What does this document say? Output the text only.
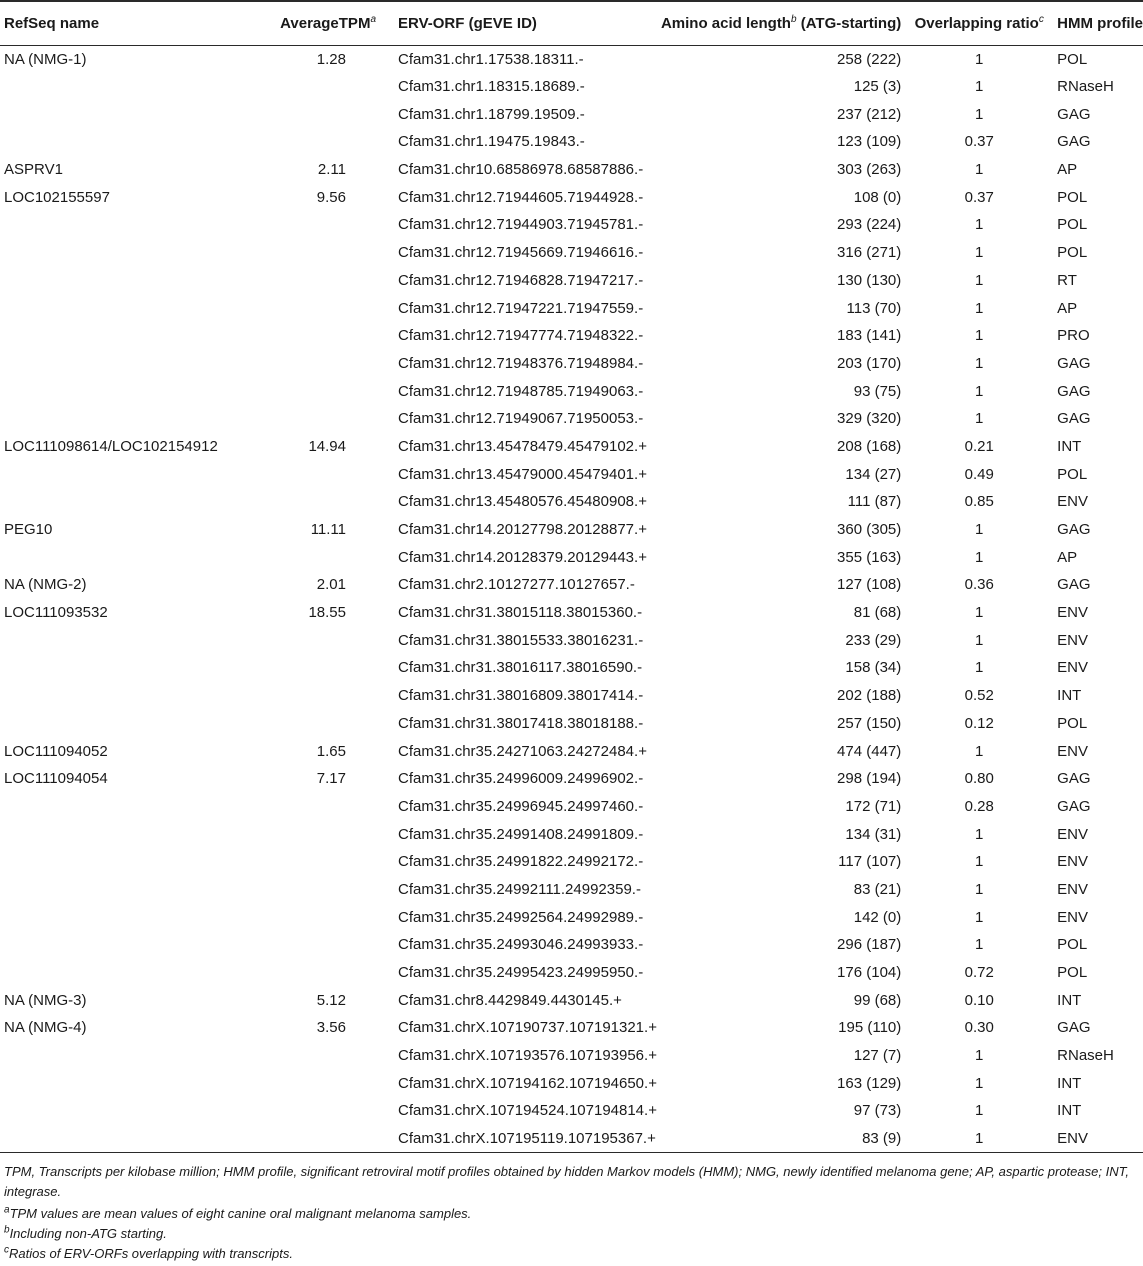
RefSeq name	AverageTPM$^a$	ERV-ORF (gEVE ID)	Amino acid length$^b$ (ATG-starting)	Overlapping ratio$^c$	HMM profile
NA (NMG-1)	1.28	Cfam31.chr1.17538.18311.-	258 (222)	1	POL
		Cfam31.chr1.18315.18689.-	125 (3)	1	RNaseH
		Cfam31.chr1.18799.19509.-	237 (212)	1	GAG
		Cfam31.chr1.19475.19843.-	123 (109)	0.37	GAG
ASPRV1	2.11	Cfam31.chr10.68586978.68587886.-	303 (263)	1	AP
LOC102155597	9.56	Cfam31.chr12.71944605.71944928.-	108 (0)	0.37	POL
		Cfam31.chr12.71944903.71945781.-	293 (224)	1	POL
		Cfam31.chr12.71945669.71946616.-	316 (271)	1	POL
		Cfam31.chr12.71946828.71947217.-	130 (130)	1	RT
		Cfam31.chr12.71947221.71947559.-	113 (70)	1	AP
		Cfam31.chr12.71947774.71948322.-	183 (141)	1	PRO
		Cfam31.chr12.71948376.71948984.-	203 (170)	1	GAG
		Cfam31.chr12.71948785.71949063.-	93 (75)	1	GAG
		Cfam31.chr12.71949067.71950053.-	329 (320)	1	GAG
LOC111098614/LOC102154912	14.94	Cfam31.chr13.45478479.45479102.+	208 (168)	0.21	INT
		Cfam31.chr13.45479000.45479401.+	134 (27)	0.49	POL
		Cfam31.chr13.45480576.45480908.+	111 (87)	0.85	ENV
PEG10	11.11	Cfam31.chr14.20127798.20128877.+	360 (305)	1	GAG
		Cfam31.chr14.20128379.20129443.+	355 (163)	1	AP
NA (NMG-2)	2.01	Cfam31.chr2.10127277.10127657.-	127 (108)	0.36	GAG
LOC111093532	18.55	Cfam31.chr31.38015118.38015360.-	81 (68)	1	ENV
		Cfam31.chr31.38015533.38016231.-	233 (29)	1	ENV
		Cfam31.chr31.38016117.38016590.-	158 (34)	1	ENV
		Cfam31.chr31.38016809.38017414.-	202 (188)	0.52	INT
		Cfam31.chr31.38017418.38018188.-	257 (150)	0.12	POL
LOC111094052	1.65	Cfam31.chr35.24271063.24272484.+	474 (447)	1	ENV
LOC111094054	7.17	Cfam31.chr35.24996009.24996902.-	298 (194)	0.80	GAG
		Cfam31.chr35.24996945.24997460.-	172 (71)	0.28	GAG
		Cfam31.chr35.24991408.24991809.-	134 (31)	1	ENV
		Cfam31.chr35.24991822.24992172.-	117 (107)	1	ENV
		Cfam31.chr35.24992111.24992359.-	83 (21)	1	ENV
		Cfam31.chr35.24992564.24992989.-	142 (0)	1	ENV
		Cfam31.chr35.24993046.24993933.-	296 (187)	1	POL
		Cfam31.chr35.24995423.24995950.-	176 (104)	0.72	POL
NA (NMG-3)	5.12	Cfam31.chr8.4429849.4430145.+	99 (68)	0.10	INT
NA (NMG-4)	3.56	Cfam31.chrX.107190737.107191321.+	195 (110)	0.30	GAG
		Cfam31.chrX.107193576.107193956.+	127 (7)	1	RNaseH
		Cfam31.chrX.107194162.107194650.+	163 (129)	1	INT
		Cfam31.chrX.107194524.107194814.+	97 (73)	1	INT
		Cfam31.chrX.107195119.107195367.+	83 (9)	1	ENV

TPM, Transcripts per kilobase million; HMM profile, significant retroviral motif profiles obtained by hidden Markov models (HMM); NMG, newly identified melanoma gene; AP, aspartic protease; INT, integrase.

$^a$TPM values are mean values of eight canine oral malignant melanoma samples.

$^b$Including non-ATG starting.

$^c$Ratios of ERV-ORFs overlapping with transcripts.
